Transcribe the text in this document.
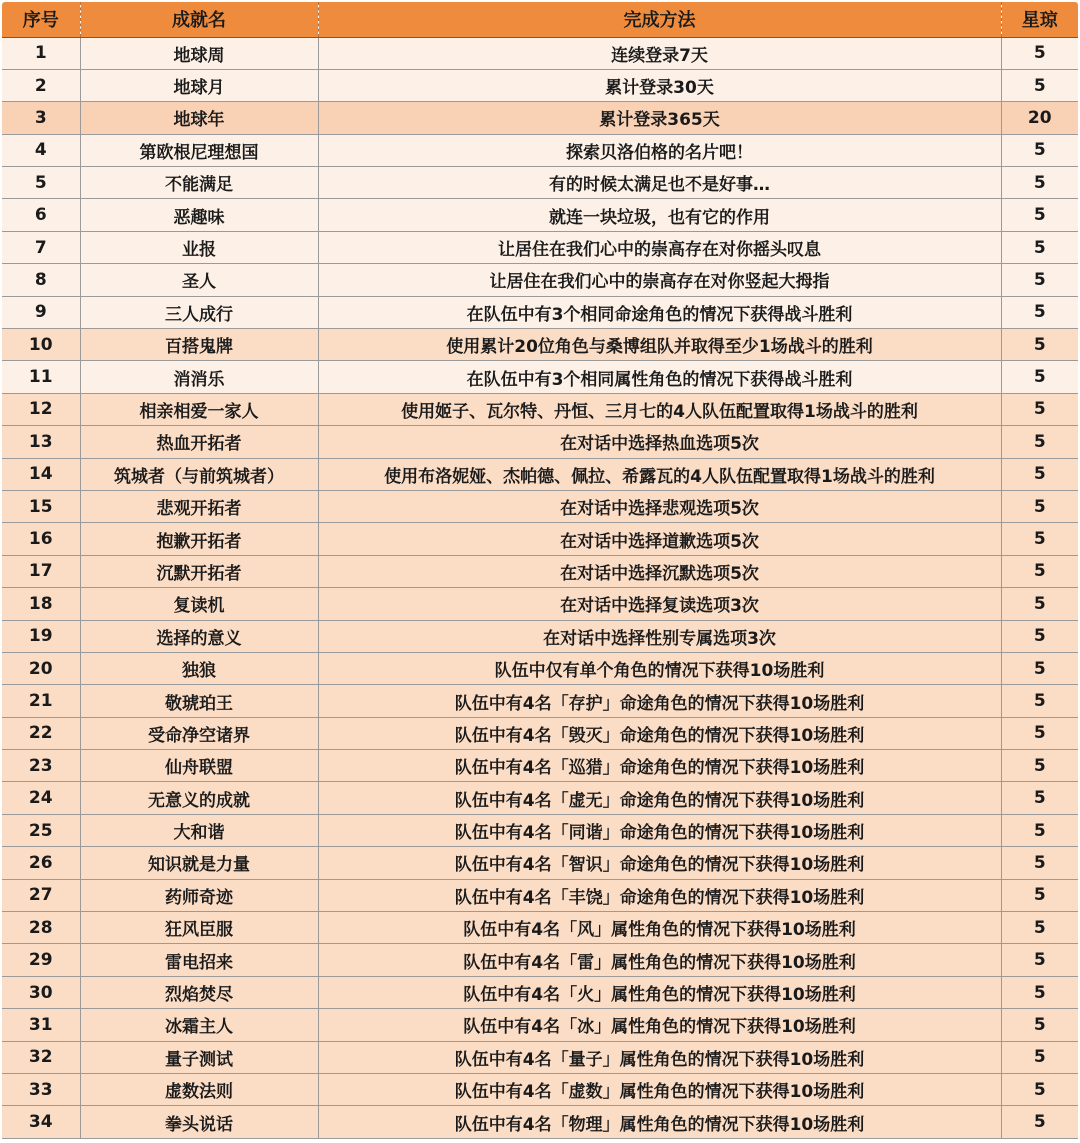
序号	成就名	完成方法	星琼
1	地球周	连续登录7天	5
2	地球月	累计登录30天	5
3	地球年	累计登录365天	20
4	第欧根尼理想国	探索贝洛伯格的名片吧！	5
5	不能满足	有的时候太满足也不是好事…	5
6	恶趣味	就连一块垃圾，也有它的作用	5
7	业报	让居住在我们心中的崇高存在对你摇头叹息	5
8	圣人	让居住在我们心中的崇高存在对你竖起大拇指	5
9	三人成行	在队伍中有3个相同命途角色的情况下获得战斗胜利	5
10	百搭鬼牌	使用累计20位角色与桑博组队并取得至少1场战斗的胜利	5
11	消消乐	在队伍中有3个相同属性角色的情况下获得战斗胜利	5
12	相亲相爱一家人	使用姬子、瓦尔特、丹恒、三月七的4人队伍配置取得1场战斗的胜利	5
13	热血开拓者	在对话中选择热血选项5次	5
14	筑城者（与前筑城者）	使用布洛妮娅、杰帕德、佩拉、希露瓦的4人队伍配置取得1场战斗的胜利	5
15	悲观开拓者	在对话中选择悲观选项5次	5
16	抱歉开拓者	在对话中选择道歉选项5次	5
17	沉默开拓者	在对话中选择沉默选项5次	5
18	复读机	在对话中选择复读选项3次	5
19	选择的意义	在对话中选择性别专属选项3次	5
20	独狼	队伍中仅有单个角色的情况下获得10场胜利	5
21	敬琥珀王	队伍中有4名「存护」命途角色的情况下获得10场胜利	5
22	受命净空诸界	队伍中有4名「毁灭」命途角色的情况下获得10场胜利	5
23	仙舟联盟	队伍中有4名「巡猎」命途角色的情况下获得10场胜利	5
24	无意义的成就	队伍中有4名「虚无」命途角色的情况下获得10场胜利	5
25	大和谐	队伍中有4名「同谐」命途角色的情况下获得10场胜利	5
26	知识就是力量	队伍中有4名「智识」命途角色的情况下获得10场胜利	5
27	药师奇迹	队伍中有4名「丰饶」命途角色的情况下获得10场胜利	5
28	狂风臣服	队伍中有4名「风」属性角色的情况下获得10场胜利	5
29	雷电招来	队伍中有4名「雷」属性角色的情况下获得10场胜利	5
30	烈焰焚尽	队伍中有4名「火」属性角色的情况下获得10场胜利	5
31	冰霜主人	队伍中有4名「冰」属性角色的情况下获得10场胜利	5
32	量子测试	队伍中有4名「量子」属性角色的情况下获得10场胜利	5
33	虚数法则	队伍中有4名「虚数」属性角色的情况下获得10场胜利	5
34	拳头说话	队伍中有4名「物理」属性角色的情况下获得10场胜利	5
